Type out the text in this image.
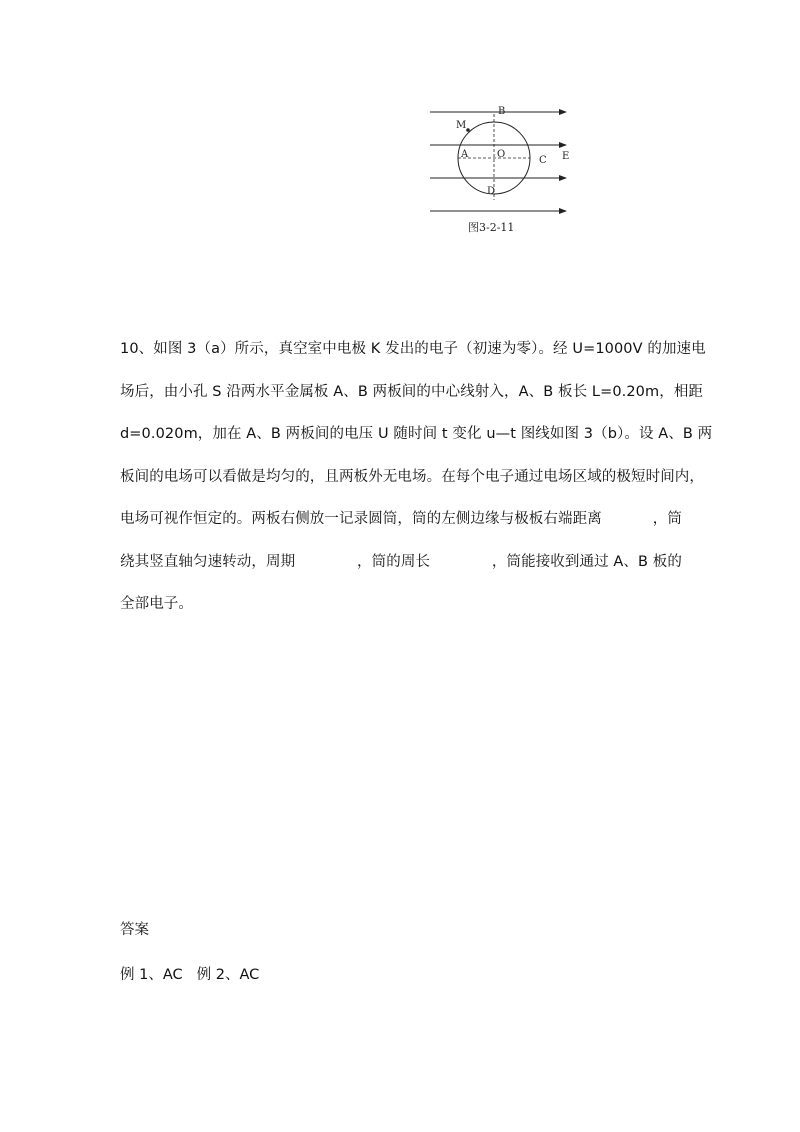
B
M
A	O
C E
D
图3-2-11
10、如图 3（a）所示，真空室中电极 K 发出的电子（初速为零）。经 U=1000V 的加速电
场后，由小孔 S 沿两水平金属板 A、B 两板间的中心线射入，A、B 板长 L=0.20m，相距
d=0.020m，加在 A、B 两板间的电压 U 随时间 t 变化 u—t 图线如图 3（b）。设 A、B 两
板间的电场可以看做是均匀的，且两板外无电场。在每个电子通过电场区域的极短时间内，
电场可视作恒定的。两板右侧放一记录圆筒，筒的左侧边缘与极板右端距离	，筒
绕其竖直轴匀速转动，周期	，筒的周长	，筒能接收到通过 A、B 板的
全部电子。
答案
例 1、AC 例 2、AC
